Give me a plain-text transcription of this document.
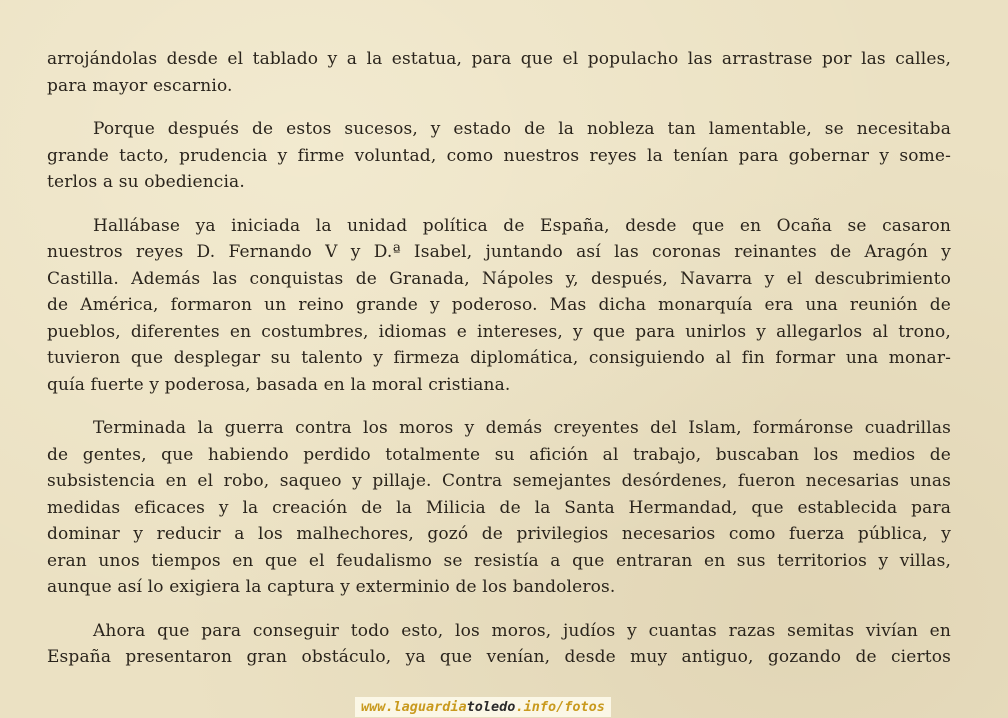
arrojándolas desde el tablado y a la estatua, para que el populacho las arrastrase por las calles,
para mayor escarnio.
Porque después de estos sucesos, y estado de la nobleza tan lamentable, se necesitaba
grande tacto, prudencia y firme voluntad, como nuestros reyes la tenían para gobernar y some-
terlos a su obediencia.
Hallábase ya iniciada la unidad política de España, desde que en Ocaña se casaron
nuestros reyes D. Fernando V y D.ª Isabel, juntando así las coronas reinantes de Aragón y
Castilla. Además las conquistas de Granada, Nápoles y, después, Navarra y el descubrimiento
de América, formaron un reino grande y poderoso. Mas dicha monarquía era una reunión de
pueblos, diferentes en costumbres, idiomas e intereses, y que para unirlos y allegarlos al trono,
tuvieron que desplegar su talento y firmeza diplomática, consiguiendo al fin formar una monar-
quía fuerte y poderosa, basada en la moral cristiana.
Terminada la guerra contra los moros y demás creyentes del Islam, formáronse cuadrillas
de gentes, que habiendo perdido totalmente su afición al trabajo, buscaban los medios de
subsistencia en el robo, saqueo y pillaje. Contra semejantes desórdenes, fueron necesarias unas
medidas eficaces y la creación de la Milicia de la Santa Hermandad, que establecida para
dominar y reducir a los malhechores, gozó de privilegios necesarios como fuerza pública, y
eran unos tiempos en que el feudalismo se resistía a que entraran en sus territorios y villas,
aunque así lo exigiera la captura y exterminio de los bandoleros.
Ahora que para conseguir todo esto, los moros, judíos y cuantas razas semitas vivían en
España presentaron gran obstáculo, ya que venían, desde muy antiguo, gozando de ciertos
www.laguardiatoledo.info/fotos
